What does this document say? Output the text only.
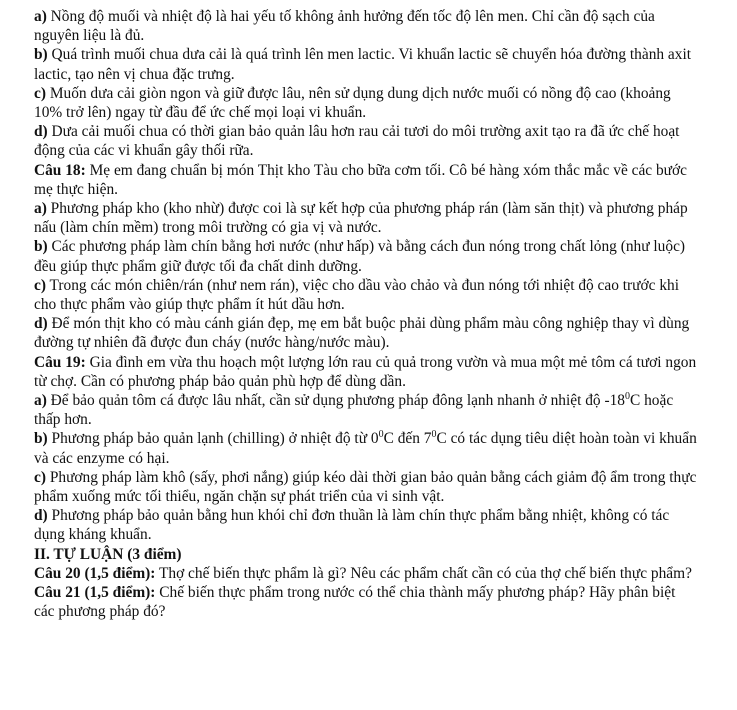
a) Nồng độ muối và nhiệt độ là hai yếu tố không ảnh hưởng đến tốc độ lên men. Chỉ cần độ sạch của nguyên liệu là đủ.

b) Quá trình muối chua dưa cải là quá trình lên men lactic. Vi khuẩn lactic sẽ chuyển hóa đường thành axit lactic, tạo nên vị chua đặc trưng.

c) Muốn dưa cải giòn ngon và giữ được lâu, nên sử dụng dung dịch nước muối có nồng độ cao (khoảng 10% trở lên) ngay từ đầu để ức chế mọi loại vi khuẩn.

d) Dưa cải muối chua có thời gian bảo quản lâu hơn rau cải tươi do môi trường axit tạo ra đã ức chế hoạt động của các vi khuẩn gây thối rữa.

Câu 18: Mẹ em đang chuẩn bị món Thịt kho Tàu cho bữa cơm tối. Cô bé hàng xóm thắc mắc về các bước mẹ thực hiện.

a) Phương pháp kho (kho nhừ) được coi là sự kết hợp của phương pháp rán (làm săn thịt) và phương pháp nấu (làm chín mềm) trong môi trường có gia vị và nước.

b) Các phương pháp làm chín bằng hơi nước (như hấp) và bằng cách đun nóng trong chất lỏng (như luộc) đều giúp thực phẩm giữ được tối đa chất dinh dưỡng.

c) Trong các món chiên/rán (như nem rán), việc cho dầu vào chảo và đun nóng tới nhiệt độ cao trước khi cho thực phẩm vào giúp thực phẩm ít hút dầu hơn.

d) Để món thịt kho có màu cánh gián đẹp, mẹ em bắt buộc phải dùng phẩm màu công nghiệp thay vì dùng đường tự nhiên đã được đun cháy (nước hàng/nước màu).

Câu 19: Gia đình em vừa thu hoạch một lượng lớn rau củ quả trong vườn và mua một mẻ tôm cá tươi ngon từ chợ. Cần có phương pháp bảo quản phù hợp để dùng dần.

a) Để bảo quản tôm cá được lâu nhất, cần sử dụng phương pháp đông lạnh nhanh ở nhiệt độ $-18^0C$ hoặc thấp hơn.

b) Phương pháp bảo quản lạnh (chilling) ở nhiệt độ từ $0^0C$ đến $7^0C$ có tác dụng tiêu diệt hoàn toàn vi khuẩn và các enzyme có hại.

c) Phương pháp làm khô (sấy, phơi nắng) giúp kéo dài thời gian bảo quản bằng cách giảm độ ẩm trong thực phẩm xuống mức tối thiểu, ngăn chặn sự phát triển của vi sinh vật.

d) Phương pháp bảo quản bằng hun khói chỉ đơn thuần là làm chín thực phẩm bằng nhiệt, không có tác dụng kháng khuẩn.

II. TỰ LUẬN (3 điểm)

Câu 20 (1,5 điểm): Thợ chế biến thực phẩm là gì? Nêu các phẩm chất cần có của thợ chế biến thực phẩm?

Câu 21 (1,5 điểm): Chế biến thực phẩm trong nước có thể chia thành mấy phương pháp? Hãy phân biệt các phương pháp đó?
